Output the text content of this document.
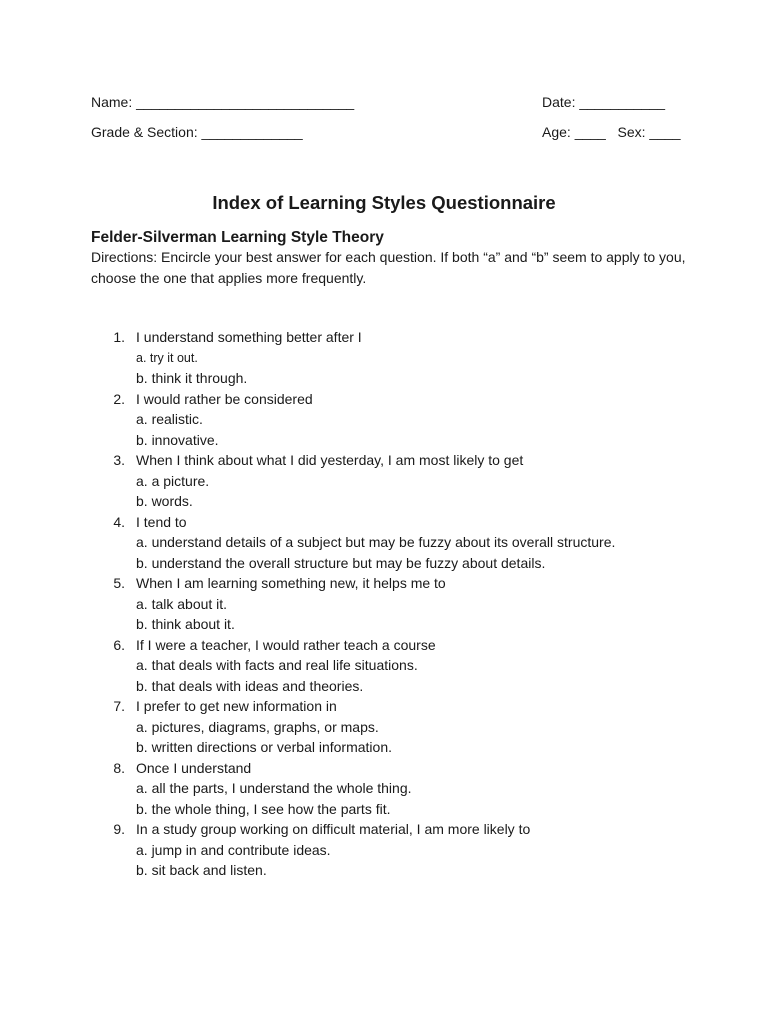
Name: ____________________________	Date: ___________
Grade & Section: _____________	Age: ____   Sex: ____
Index of Learning Styles Questionnaire
Felder-Silverman Learning Style Theory
Directions: Encircle your best answer for each question. If both “a” and “b” seem to apply to you, choose the one that applies more frequently.
1. I understand something better after I
a. try it out.
b. think it through.
2. I would rather be considered
a. realistic.
b. innovative.
3. When I think about what I did yesterday, I am most likely to get
a. a picture.
b. words.
4. I tend to
a. understand details of a subject but may be fuzzy about its overall structure.
b. understand the overall structure but may be fuzzy about details.
5. When I am learning something new, it helps me to
a. talk about it.
b. think about it.
6. If I were a teacher, I would rather teach a course
a. that deals with facts and real life situations.
b. that deals with ideas and theories.
7. I prefer to get new information in
a. pictures, diagrams, graphs, or maps.
b. written directions or verbal information.
8. Once I understand
a. all the parts, I understand the whole thing.
b. the whole thing, I see how the parts fit.
9. In a study group working on difficult material, I am more likely to
a. jump in and contribute ideas.
b. sit back and listen.
